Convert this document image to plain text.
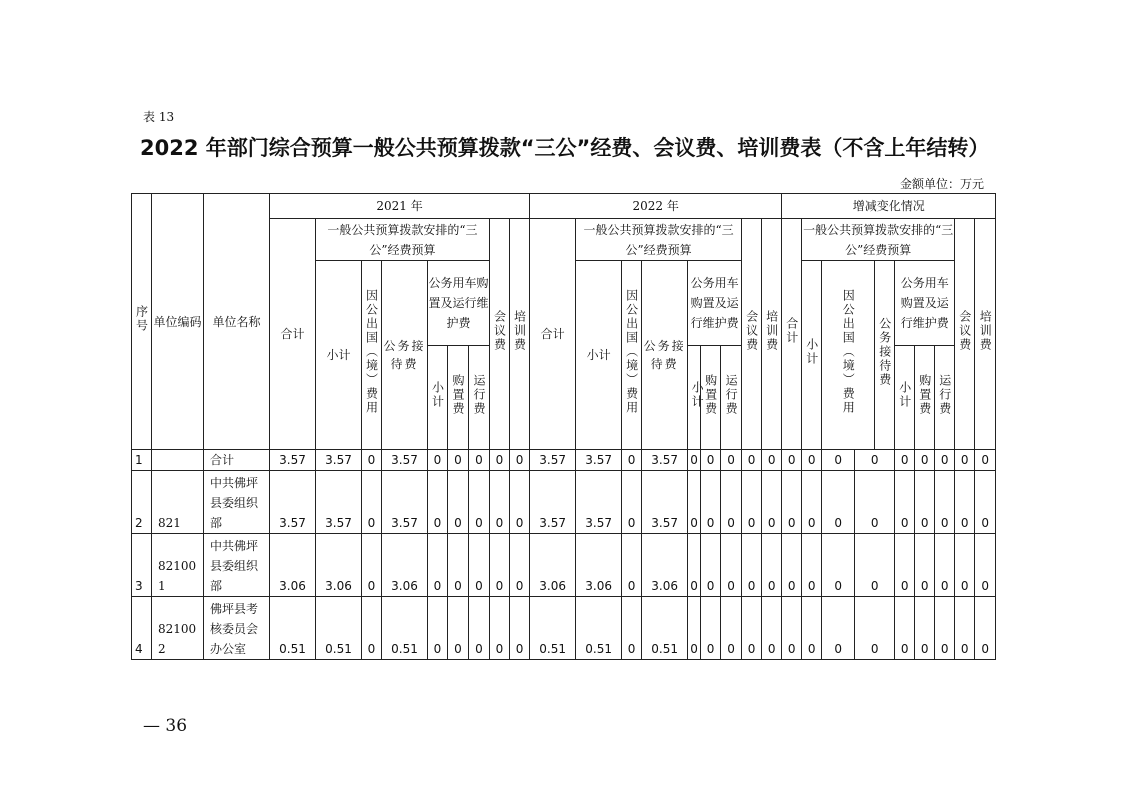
表 13
2022 年部门综合预算一般公共预算拨款“三公”经费、会议费、培训费表（不含上年结转）
金额单位：万元
序号	单位编码	单位名称	2021 年									2022 年									增减变化情况										
			合计	一般公共预算拨款安排的“三公”经费预算						会议费	培训费	合计	一般公共预算拨款安排的“三公”经费预算						会议费	培训费	合计	一般公共预算拨款安排的“三公”经费预算							会议费	培训费	
				小计	因公出国（境）费用	公务接待费	公务用车购置及运行维护费						小计	因公出国（境）费用	公务接待费	公务用车购置及运行维护费						小计	因公出国（境）费用		公务接待费	公务用车购置及运行维护费					
							小计	购置费	运行费							小计	购置费	运行费								小计	购置费	运行费			
1		合计	3.57	3.57	0	3.57	0	0	0	0	0	3.57	3.57	0	3.57	0	0	0	0	0	0	0	0	0		0	0	0	0	0	
2	821	中共佛坪县委组织部	3.57	3.57	0	3.57	0	0	0	0	0	3.57	3.57	0	3.57	0	0	0	0	0	0	0	0	0		0	0	0	0	0	
3	821001	中共佛坪县委组织部	3.06	3.06	0	3.06	0	0	0	0	0	3.06	3.06	0	3.06	0	0	0	0	0	0	0	0	0		0	0	0	0	0	
4	821002	佛坪县考核委员会办公室	0.51	0.51	0	0.51	0	0	0	0	0	0.51	0.51	0	0.51	0	0	0	0	0	0	0	0	0		0	0	0	0	0	
— 36
